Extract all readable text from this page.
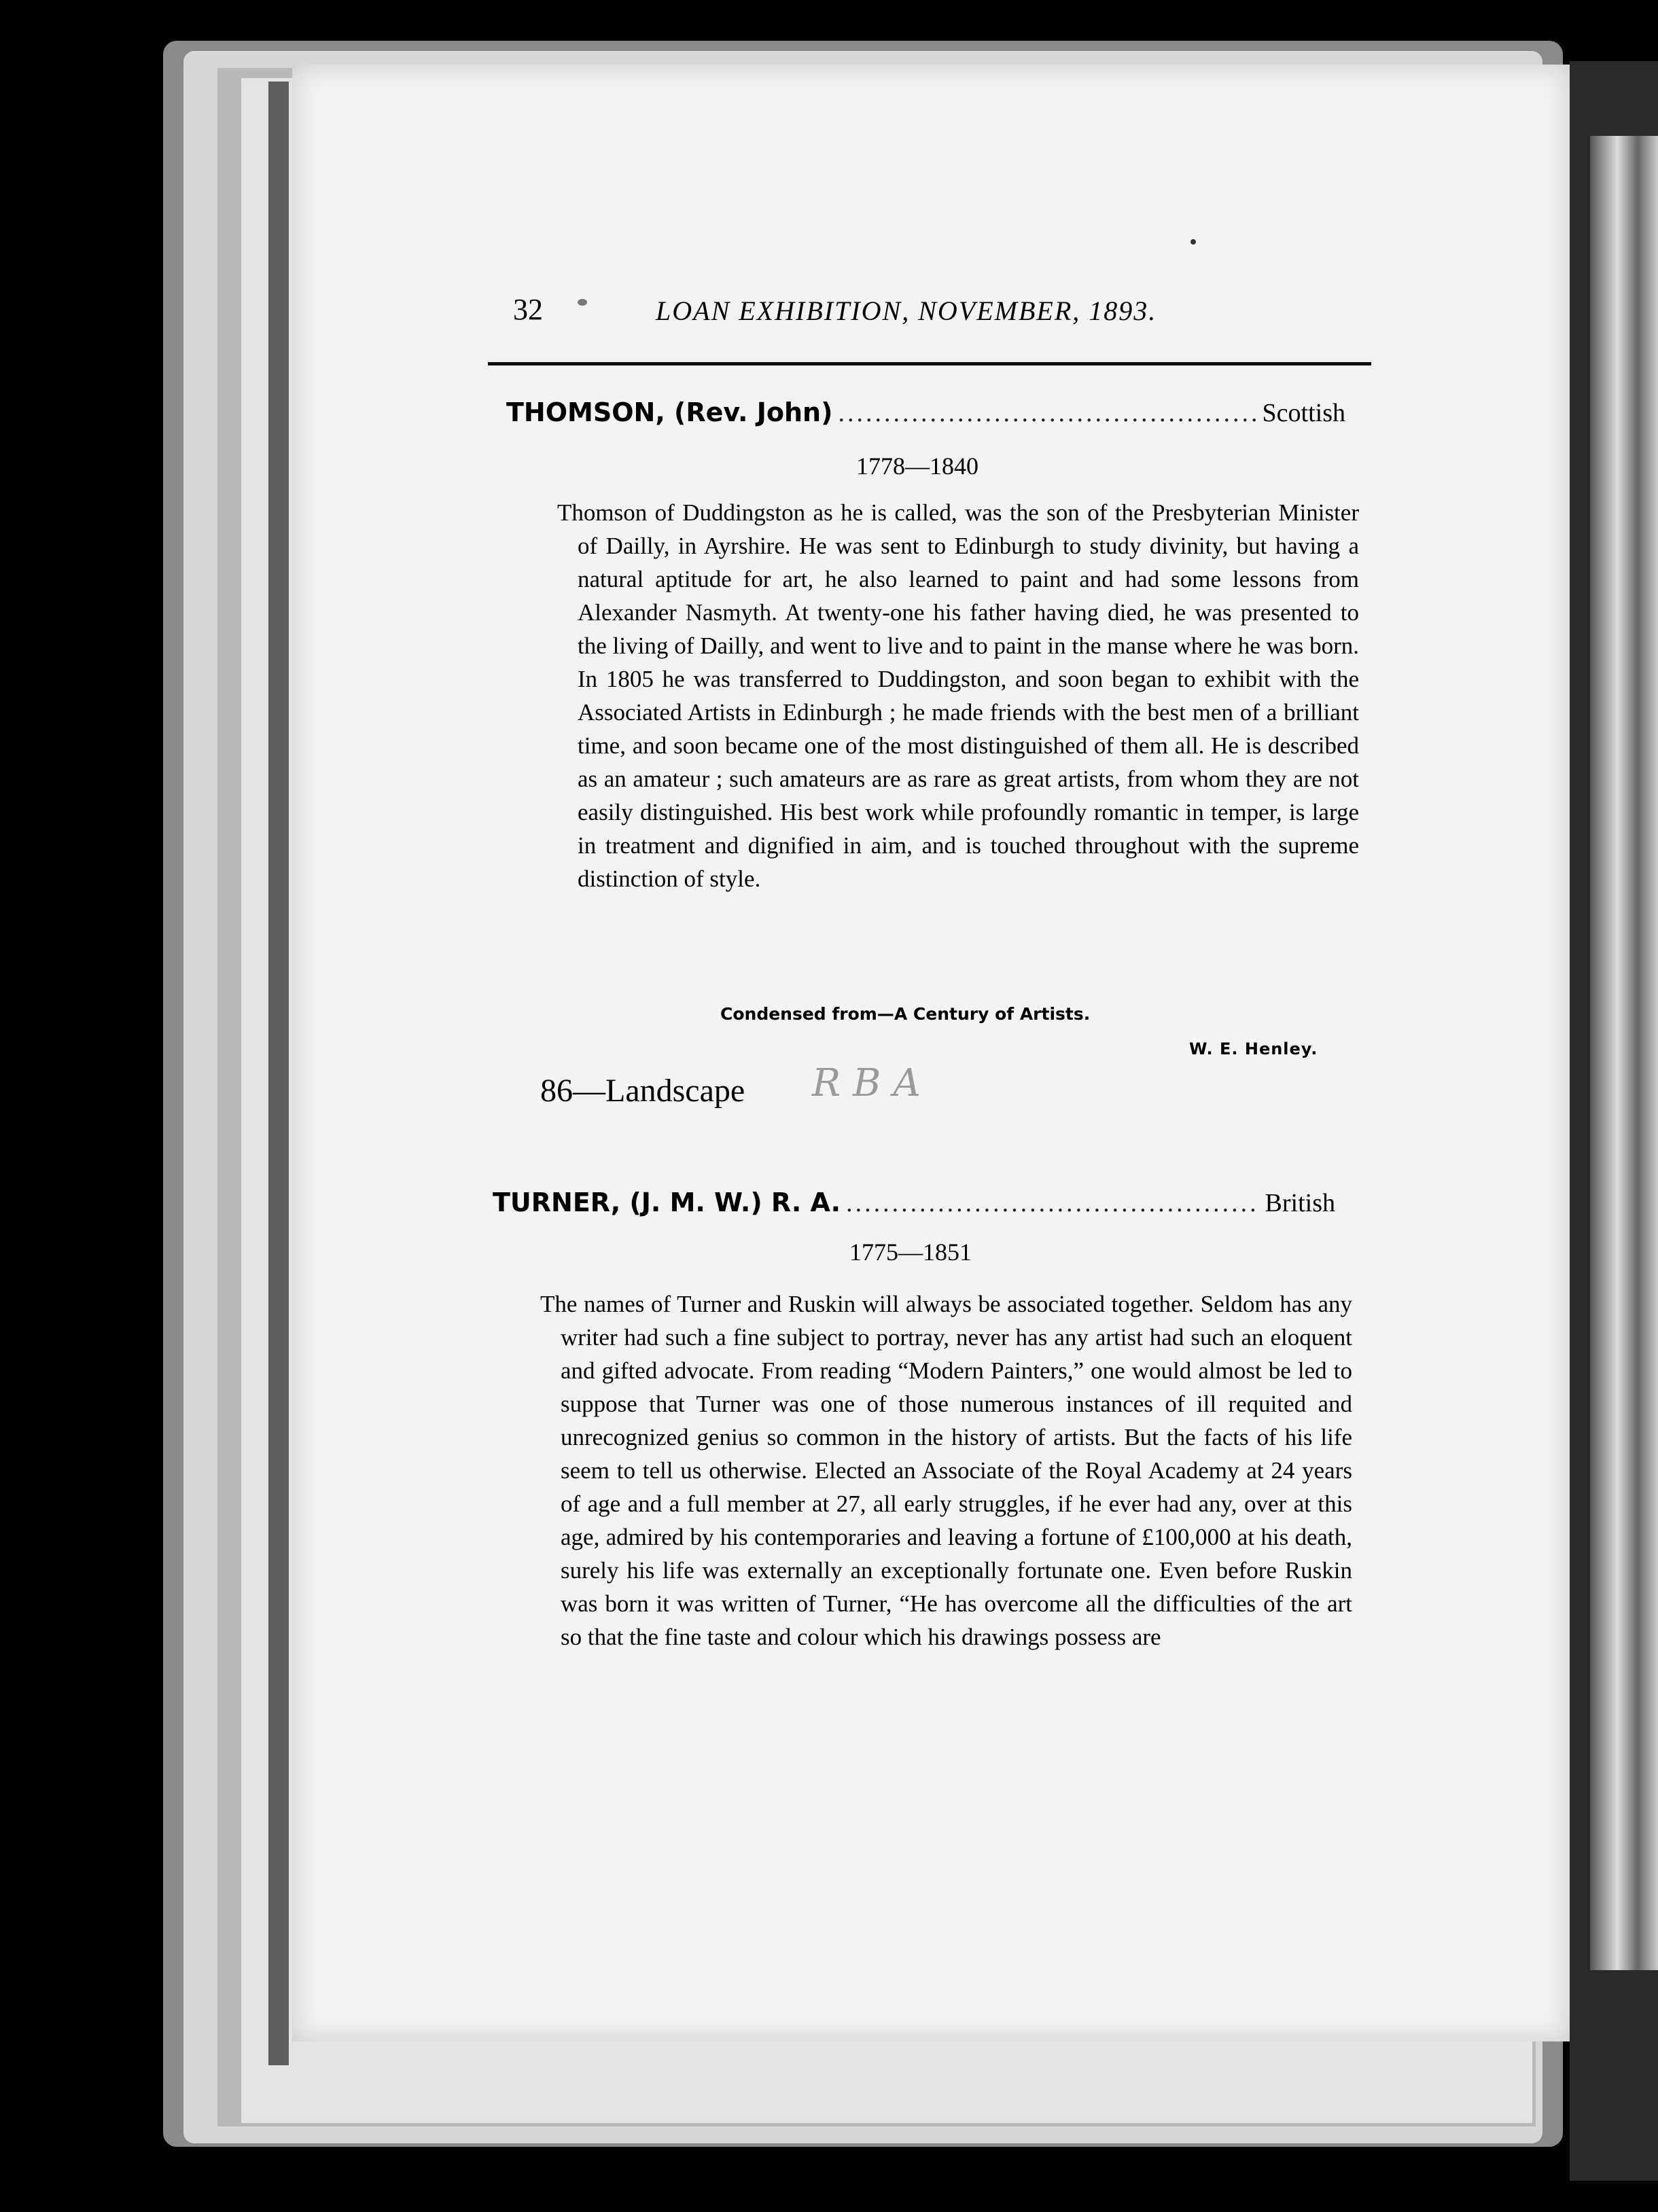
32	LOAN EXHIBITION, NOVEMBER, 1893.
THOMSON, (Rev. John) .....	Scottish
1778—1840

Thomson of Duddingston as he is called, was the son of the Presbyterian Minister of Dailly, in Ayrshire. He was sent to Edinburgh to study divinity, but having a natural aptitude for art, he also learned to paint and had some lessons from Alexander Nasmyth. At twenty-one his father having died, he was presented to the living of Dailly, and went to live and to paint in the manse where he was born. In 1805 he was transferred to Duddingston, and soon began to exhibit with the Associated Artists in Edinburgh ; he made friends with the best men of a brilliant time, and soon became one of the most distinguished of them all. He is described as an amateur ; such amateurs are as rare as great artists, from whom they are not easily distinguished. His best work while profoundly romantic in temper, is large in treatment and dignified in aim, and is touched throughout with the supreme distinction of style.

Condensed from—A Century of Artists.
W. E. Henley.
86—Landscape RBA
TURNER, (J. M. W.) R. A. .....	British
1775—1851

The names of Turner and Ruskin will always be associated together. Seldom has any writer had such a fine subject to portray, never has any artist had such an eloquent and gifted advocate. From reading “Modern Painters,” one would almost be led to suppose that Turner was one of those numerous instances of ill requited and unrecognized genius so common in the history of artists. But the facts of his life seem to tell us otherwise. Elected an Associate of the Royal Academy at 24 years of age and a full member at 27, all early struggles, if he ever had any, over at this age, admired by his contemporaries and leaving a fortune of £100,000 at his death, surely his life was externally an exceptionally fortunate one. Even before Ruskin was born it was written of Turner, “He has overcome all the difficulties of the art so that the fine taste and colour which his drawings possess are
